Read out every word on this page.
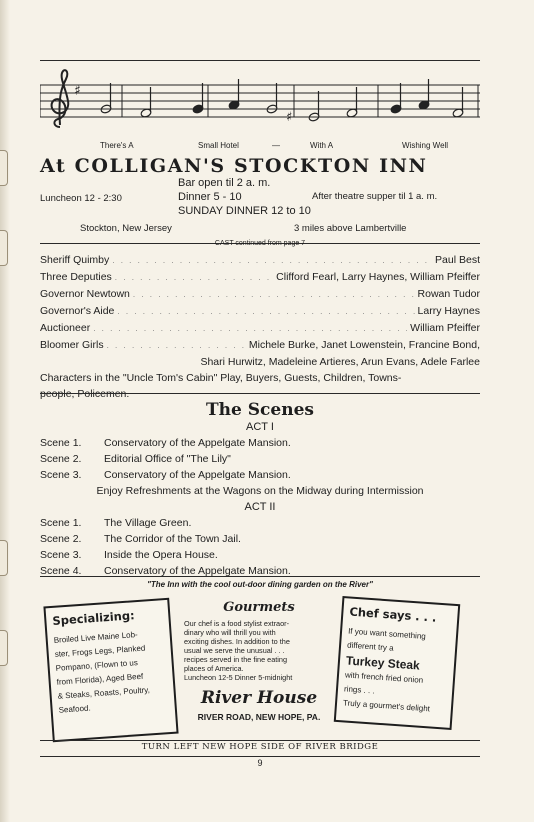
♯
♯
There's A	Small Hotel	—	With A	Wishing Well
At COLLIGAN'S STOCKTON INN
Bar open til 2 a. m.
Luncheon 12 - 2:30	Dinner 5 - 10	After theatre supper til 1 a. m.
SUNDAY DINNER 12 to 10
Stockton, New Jersey	3 miles above Lambertville
CAST continued from page 7
Sheriff Quimby . . .	Paul Best
Three Deputies . . .	Clifford Fearl, Larry Haynes, William Pfeiffer
Governor Newtown . . .	Rowan Tudor
Governor's Aide . . .	Larry Haynes
Auctioneer . . .	William Pfeiffer
Bloomer Girls . . .	Michele Burke, Janet Lowenstein, Francine Bond,
Shari Hurwitz, Madeleine Artieres, Arun Evans, Adele Farlee
Characters in the "Uncle Tom's Cabin" Play, Buyers, Guests, Children, Towns-
people, Policemen.
The Scenes
ACT I
Scene 1. Conservatory of the Appelgate Mansion.
Scene 2. Editorial Office of "The Lily"
Scene 3. Conservatory of the Appelgate Mansion.
Enjoy Refreshments at the Wagons on the Midway during Intermission
ACT II
Scene 1. The Village Green.
Scene 2. The Corridor of the Town Jail.
Scene 3. Inside the Opera House.
Scene 4. Conservatory of the Appelgate Mansion.
"The Inn with the cool out-door dining garden on the River"
Specializing:
Broiled Live Maine Lob-
ster, Frogs Legs, Planked
Pompano, (Flown to us
from Florida), Aged Beef
& Steaks, Roasts, Poultry,
Seafood.
Gourmets
Our chef is a food stylist extraor-
dinary who will thrill you with
exciting dishes. In addition to the
usual we serve the unusual . . .
recipes served in the fine eating
places of America.
Luncheon 12-5 Dinner 5-midnight
River House
RIVER ROAD, NEW HOPE, PA.
Chef says . . .
If you want something
different try a
Turkey Steak
with french fried onion
rings . . .
Truly a gourmet's delight
TURN LEFT NEW HOPE SIDE OF RIVER BRIDGE
9
